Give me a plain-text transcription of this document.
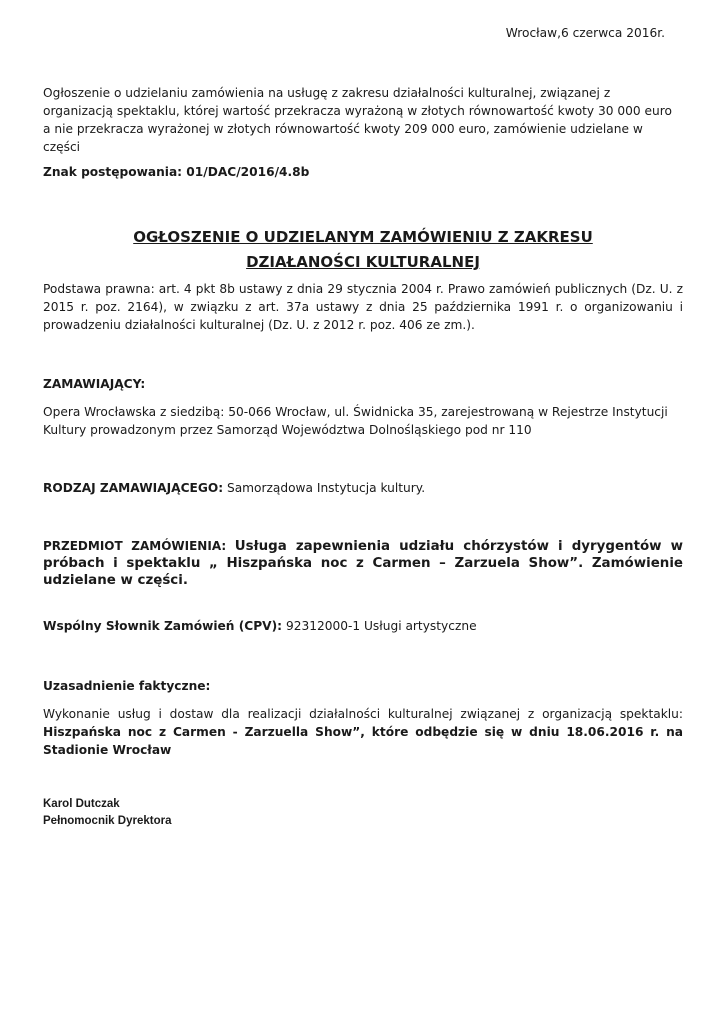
Wrocław,6 czerwca 2016r.
Ogłoszenie o udzielaniu zamówienia na usługę z zakresu działalności kulturalnej, związanej z organizacją spektaklu, której wartość przekracza wyrażoną w złotych równowartość kwoty 30 000 euro a nie przekracza wyrażonej w złotych równowartość kwoty 209 000 euro, zamówienie udzielane w części
Znak postępowania: 01/DAC/2016/4.8b
OGŁOSZENIE O UDZIELANYM ZAMÓWIENIU Z ZAKRESU
DZIAŁANOŚCI KULTURALNEJ
Podstawa prawna: art. 4 pkt 8b ustawy z dnia 29 stycznia 2004 r. Prawo zamówień publicznych (Dz. U. z 2015 r. poz. 2164), w związku z art. 37a ustawy z dnia 25 października 1991 r. o organizowaniu i prowadzeniu działalności kulturalnej (Dz. U. z 2012 r. poz. 406 ze zm.).
ZAMAWIAJĄCY:
Opera Wrocławska z siedzibą: 50-066 Wrocław, ul. Świdnicka 35, zarejestrowaną w Rejestrze Instytucji Kultury prowadzonym przez Samorząd Województwa Dolnośląskiego pod nr 110
RODZAJ ZAMAWIAJĄCEGO: Samorządowa Instytucja kultury.
PRZEDMIOT ZAMÓWIENIA: Usługa zapewnienia udziału chórzystów i dyrygentów w próbach i spektaklu „ Hiszpańska noc z Carmen – Zarzuela Show”. Zamówienie udzielane w części.
Wspólny Słownik Zamówień (CPV): 92312000-1 Usługi artystyczne
Uzasadnienie faktyczne:
Wykonanie usług i dostaw dla realizacji działalności kulturalnej związanej z organizacją spektaklu: Hiszpańska noc z Carmen - Zarzuella Show”, które odbędzie się w dniu 18.06.2016 r. na Stadionie Wrocław
Karol Dutczak
Pełnomocnik Dyrektora
